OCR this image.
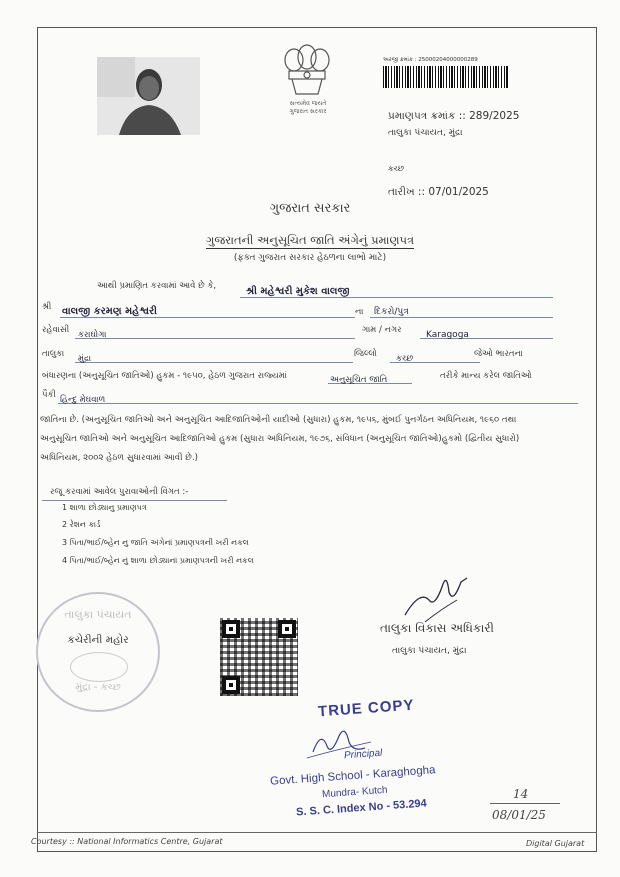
સત્યમેવ જયતે
ગુજરાત સરકાર
અરજી ક્રમાંક : 25000204000000289
પ્રમાણપત્ર ક્રમાંક :: 289/2025
તાલુકા પંચાયત, મુંદ્રા
કચ્છ
તારીખ :: 07/01/2025
ગુજરાત સરકાર
ગુજરાતની અનુસૂચિત જાતિ અંગેનું પ્રમાણપત્ર
(ફક્ત ગુજરાત સરકાર હેઠળના લાભો માટે)
આથી પ્રમાણિત કરવામાં આવે છે કે,	શ્રી મહેશ્વરી મુકેશ વાલજી
શ્રી વાલજી કરમણ મહેશ્વરી	ના	દિકરો/પુત્ર
રહેવાસી	કરાઘોગા	ગામ / નગર	Karagoga
તાલુકા	મુંદ્રા	જિલ્લો	કચ્છ	જેઓ ભારતના
બંધારણના (અનુસૂચિત જાતિઓ) હુકમ - ૧૯૫૦, હેઠળ ગુજરાત રાજ્યમાં	અનુસૂચિત જાતિ	તરીકે માન્ય કરેલ જાતિઓ
પૈકી હિન્દુ મેઘવાળ
જાતિના છે. (અનુસૂચિત જાતિઓ અને અનુસૂચિત આદિજાતિઓની યાદીઓ (સુધારા) હુકમ, ૧૯૫૬, મુંબઈ પુનર્ગઠન અધિનિયમ, ૧૯૬૦ તથા
અનુસૂચિત જાતિઓ અને અનુસૂચિત આદિજાતિઓ હુકમ (સુધારા અધિનિયમ, ૧૯૭૬, સંવિધાન (અનુસૂચિત જાતિઓ)હુકમો (દ્વિતીય સુધારો)
અધિનિયમ, ૨૦૦૨ હેઠળ સુધારવામાં આવી છે.)
રજૂ કરવામાં આવેલ પુરાવાઓની વિગત :-
1 શાળા છોડ્યાનુ પ્રમાણપત્ર
2 રેશન કાર્ડ
3 પિતા/ભાઈ/બ્હેન નુ જાતિ અંગેનાં પ્રમાણપત્રની ખરી નકલ
4 પિતા/ભાઈ/બ્હેન નું શાળા છોડ્યાનાં પ્રમાણપત્રની ખરી નકલ
તાલુકા પંચાયત
કચેરીની મહોર
મુંદ્રા - કચ્છ
તાલુકા વિકાસ અધિકારી
તાલુકા પંચાયત, મુંદ્રા
TRUE COPY
Principal
Govt. High School - Karaghogha
Mundra- Kutch
S. S. C. Index No - 53.294
14
08/01/25
Courtesy :: National Informatics Centre, Gujarat	Digital Gujarat
